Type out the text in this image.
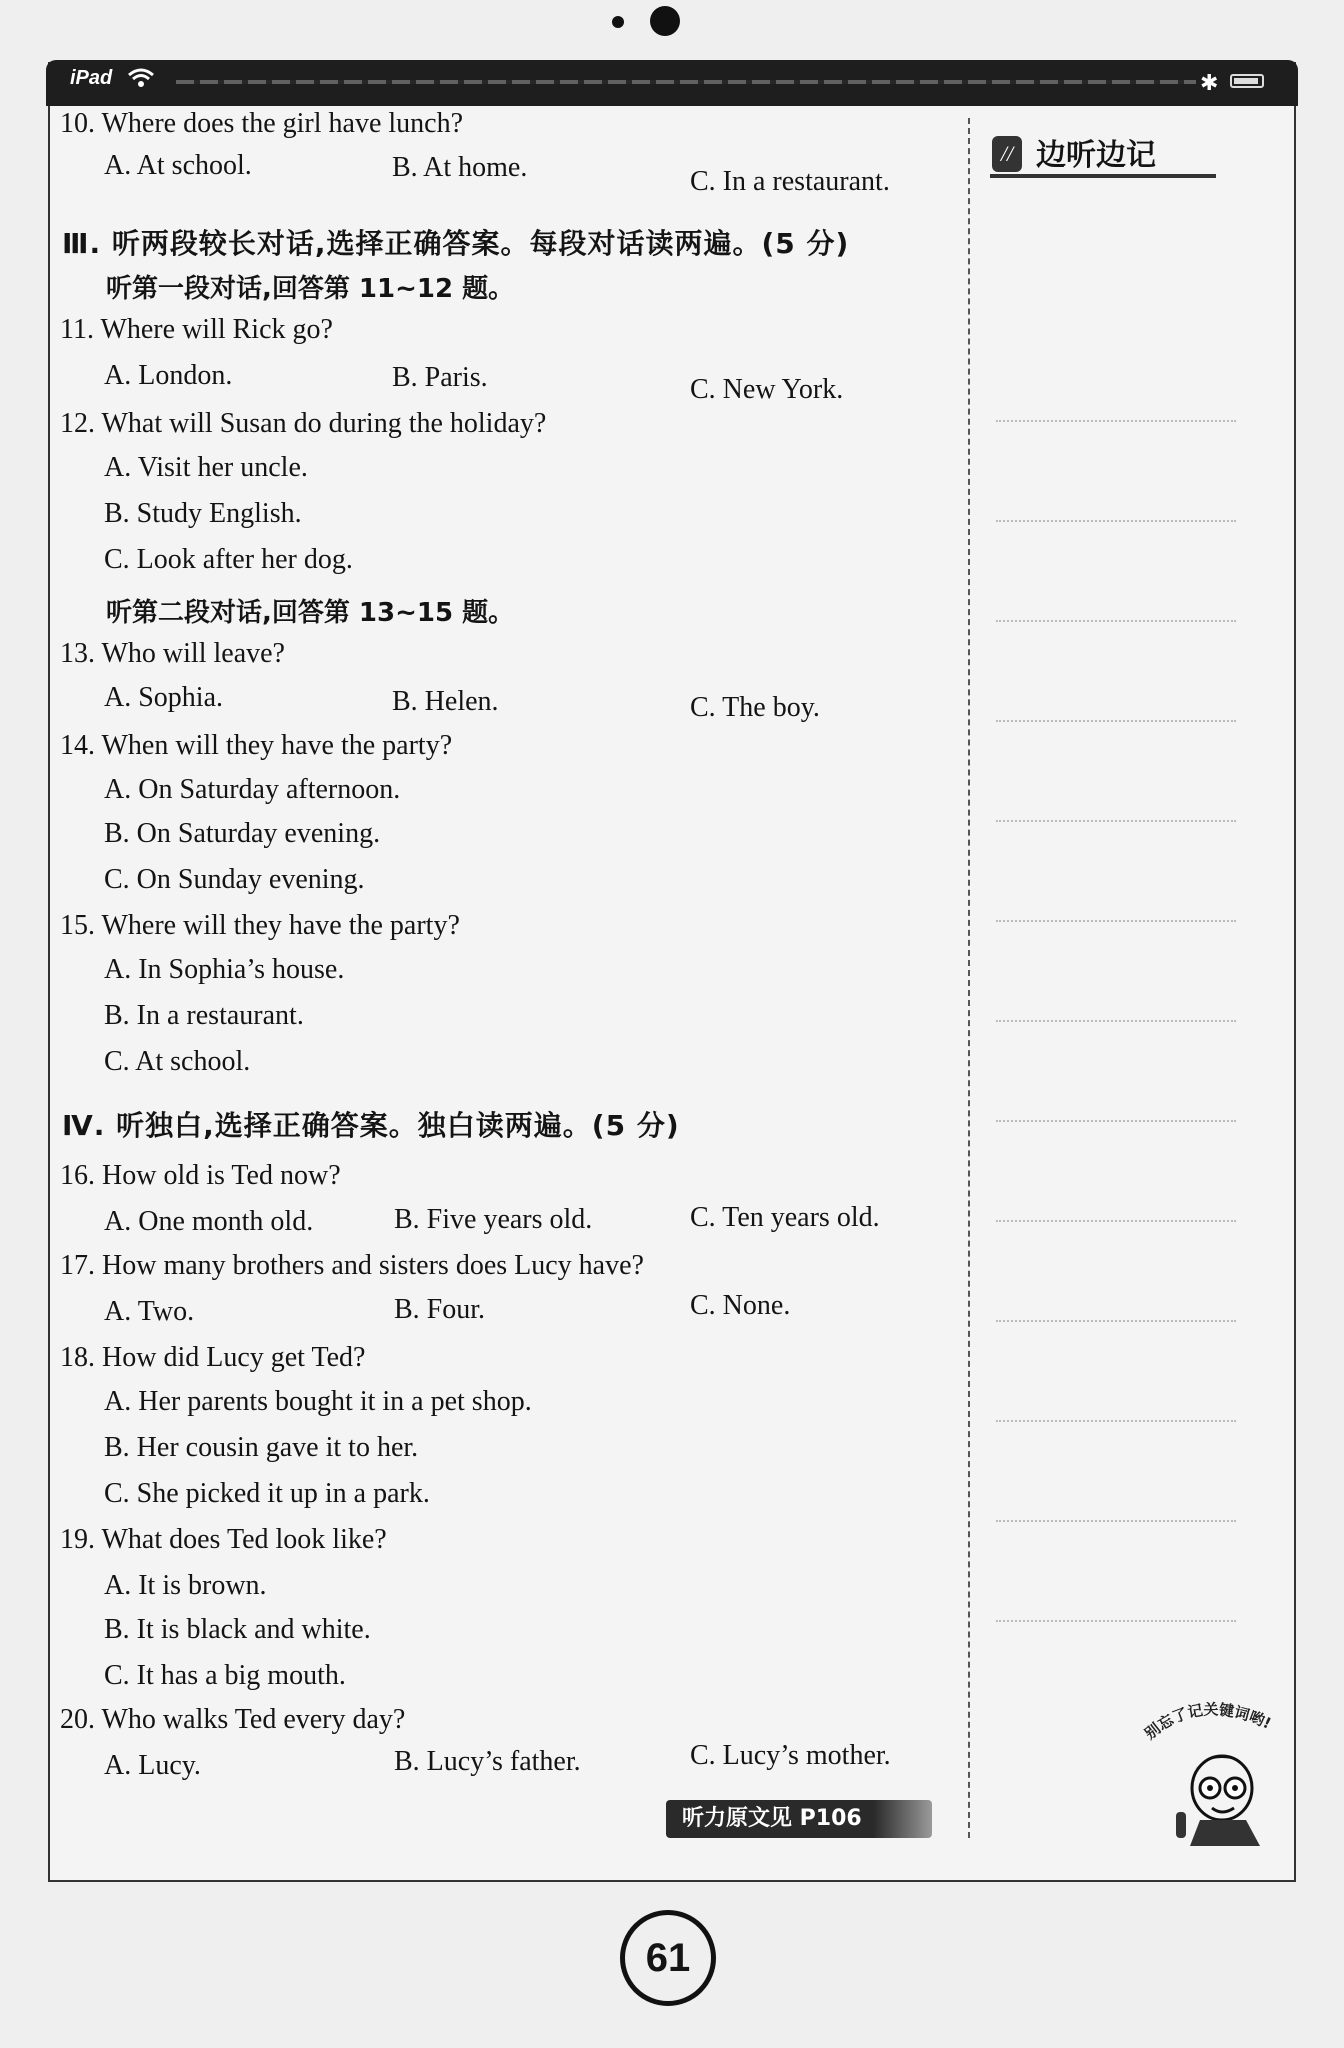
iPad	✱
// 边听边记
10. Where does the girl have lunch?
A. At school.	B. At home.	C. In a restaurant.
Ⅲ. 听两段较长对话,选择正确答案。每段对话读两遍。(5 分)
听第一段对话,回答第 11~12 题。
11. Where will Rick go?
A. London.	B. Paris.	C. New York.
12. What will Susan do during the holiday?
A. Visit her uncle.
B. Study English.
C. Look after her dog.
听第二段对话,回答第 13~15 题。
13. Who will leave?
A. Sophia.	B. Helen.	C. The boy.
14. When will they have the party?
A. On Saturday afternoon.
B. On Saturday evening.
C. On Sunday evening.
15. Where will they have the party?
A. In Sophia’s house.
B. In a restaurant.
C. At school.
Ⅳ. 听独白,选择正确答案。独白读两遍。(5 分)
16. How old is Ted now?
A. One month old.	B. Five years old.	C. Ten years old.
17. How many brothers and sisters does Lucy have?
A. Two.	B. Four.	C. None.
18. How did Lucy get Ted?
A. Her parents bought it in a pet shop.
B. Her cousin gave it to her.
C. She picked it up in a park.
19. What does Ted look like?
A. It is brown.
B. It is black and white.
C. It has a big mouth.
20. Who walks Ted every day?
A. Lucy.	B. Lucy’s father.	C. Lucy’s mother.
别忘了记关键词哟!
听力原文见 P106
61
